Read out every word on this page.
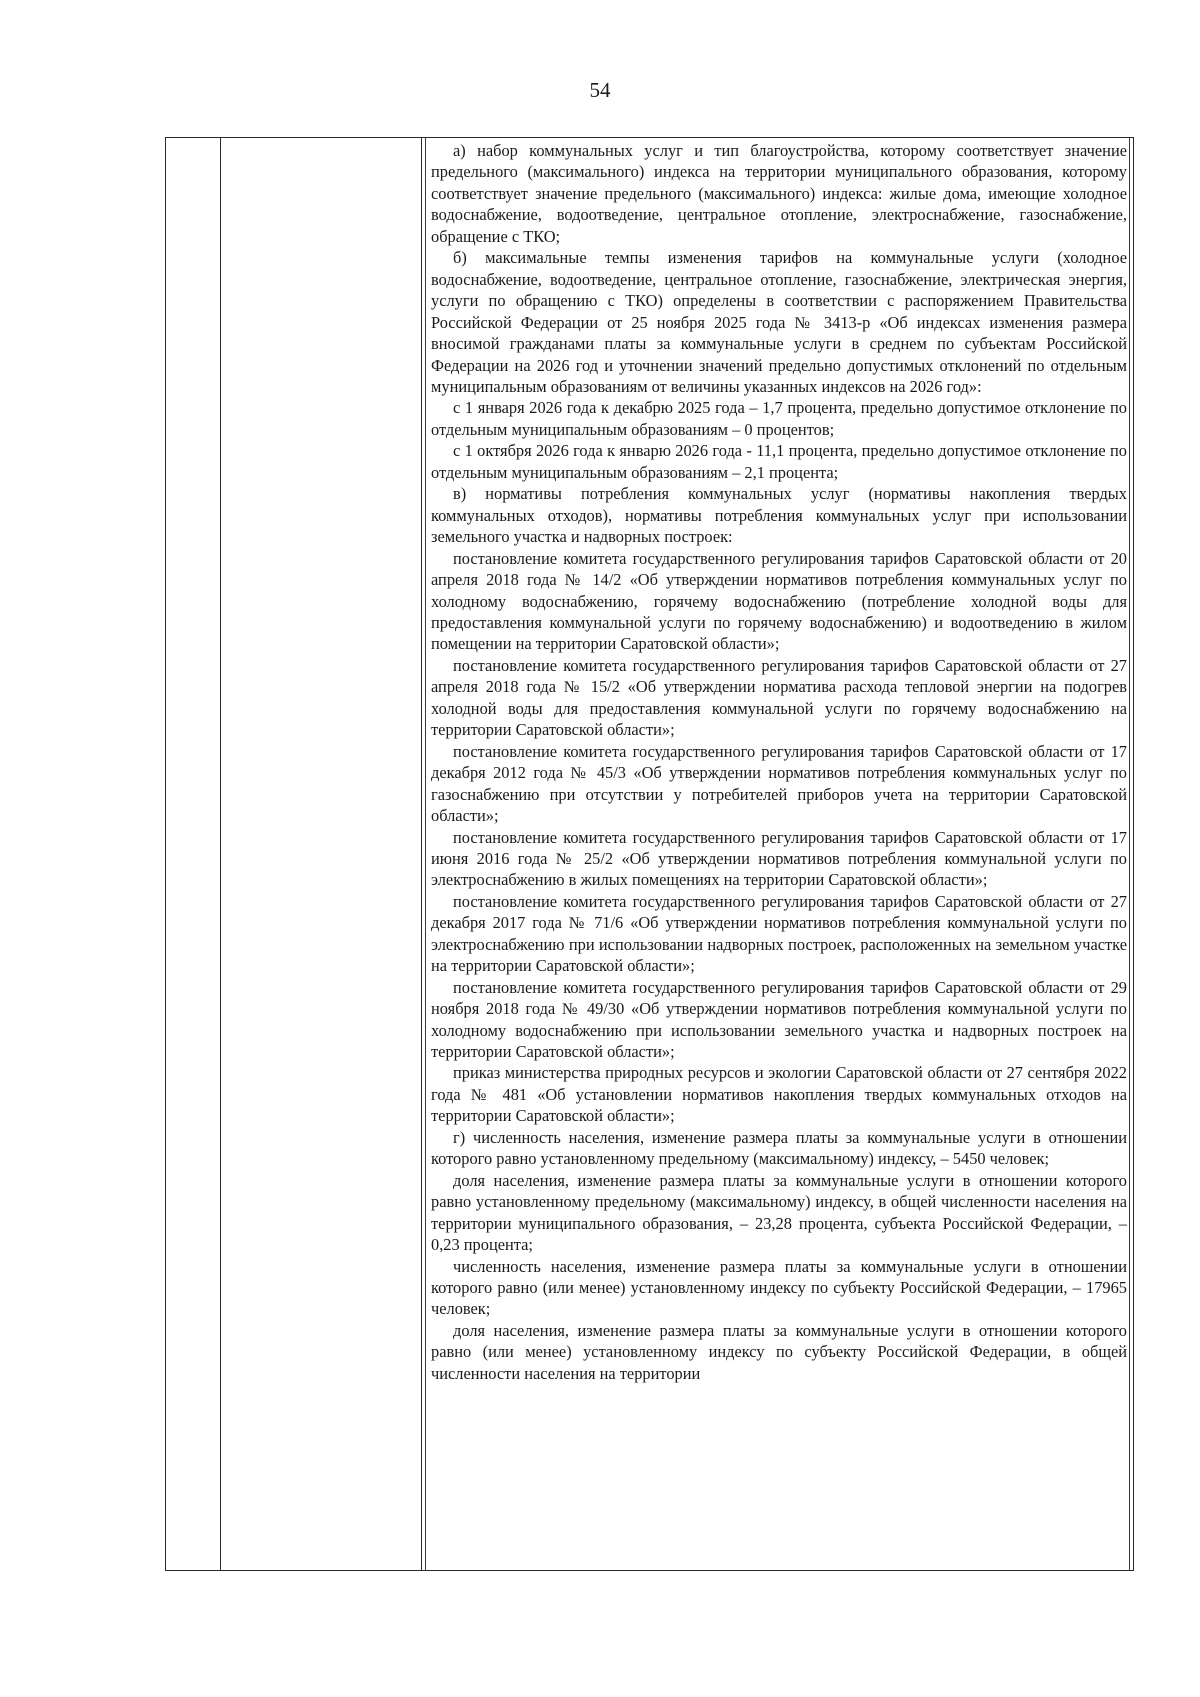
54

а) набор коммунальных услуг и тип благоустройства, которому соответствует значение предельного (максимального) индекса на территории муниципального образования, которому соответствует значение предельного (максимального) индекса: жилые дома, имеющие холодное водоснабжение, водоотведение, центральное отопление, электроснабжение, газоснабжение, обращение с ТКО;

б) максимальные темпы изменения тарифов на коммунальные услуги (холодное водоснабжение, водоотведение, центральное отопление, газоснабжение, электрическая энергия, услуги по обращению с ТКО) определены в соответствии с распоряжением Правительства Российской Федерации от 25 ноября 2025 года № 3413-р «Об индексах изменения размера вносимой гражданами платы за коммунальные услуги в среднем по субъектам Российской Федерации на 2026 год и уточнении значений предельно допустимых отклонений по отдельным муниципальным образованиям от величины указанных индексов на 2026 год»:

с 1 января 2026 года к декабрю 2025 года – 1,7 процента, предельно допустимое отклонение по отдельным муниципальным образованиям – 0 процентов;

с 1 октября 2026 года к январю 2026 года - 11,1 процента, предельно допустимое отклонение по отдельным муниципальным образованиям – 2,1 процента;

в) нормативы потребления коммунальных услуг (нормативы накопления твердых коммунальных отходов), нормативы потребления коммунальных услуг при использовании земельного участка и надворных построек:

постановление комитета государственного регулирования тарифов Саратовской области от 20 апреля 2018 года № 14/2 «Об утверждении нормативов потребления коммунальных услуг по холодному водоснабжению, горячему водоснабжению (потребление холодной воды для предоставления коммунальной услуги по горячему водоснабжению) и водоотведению в жилом помещении на территории Саратовской области»;

постановление комитета государственного регулирования тарифов Саратовской области от 27 апреля 2018 года № 15/2 «Об утверждении норматива расхода тепловой энергии на подогрев холодной воды для предоставления коммунальной услуги по горячему водоснабжению на территории Саратовской области»;

постановление комитета государственного регулирования тарифов Саратовской области от 17 декабря 2012 года № 45/3 «Об утверждении нормативов потребления коммунальных услуг по газоснабжению при отсутствии у потребителей приборов учета на территории Саратовской области»;

постановление комитета государственного регулирования тарифов Саратовской области от 17 июня 2016 года № 25/2 «Об утверждении нормативов потребления коммунальной услуги по электроснабжению в жилых помещениях на территории Саратовской области»;

постановление комитета государственного регулирования тарифов Саратовской области от 27 декабря 2017 года № 71/6 «Об утверждении нормативов потребления коммунальной услуги по электроснабжению при использовании надворных построек, расположенных на земельном участке на территории Саратовской области»;

постановление комитета государственного регулирования тарифов Саратовской области от 29 ноября 2018 года № 49/30 «Об утверждении нормативов потребления коммунальной услуги по холодному водоснабжению при использовании земельного участка и надворных построек на территории Саратовской области»;

приказ министерства природных ресурсов и экологии Саратовской области от 27 сентября 2022 года № 481 «Об установлении нормативов накопления твердых коммунальных отходов на территории Саратовской области»;

г) численность населения, изменение размера платы за коммунальные услуги в отношении которого равно установленному предельному (максимальному) индексу, – 5450 человек;

доля населения, изменение размера платы за коммунальные услуги в отношении которого равно установленному предельному (максимальному) индексу, в общей численности населения на территории муниципального образования, – 23,28 процента, субъекта Российской Федерации, – 0,23 процента;

численность населения, изменение размера платы за коммунальные услуги в отношении которого равно (или менее) установленному индексу по субъекту Российской Федерации, – 17965 человек;

доля населения, изменение размера платы за коммунальные услуги в отношении которого равно (или менее) установленному индексу по субъекту Российской Федерации, в общей численности населения на территории
